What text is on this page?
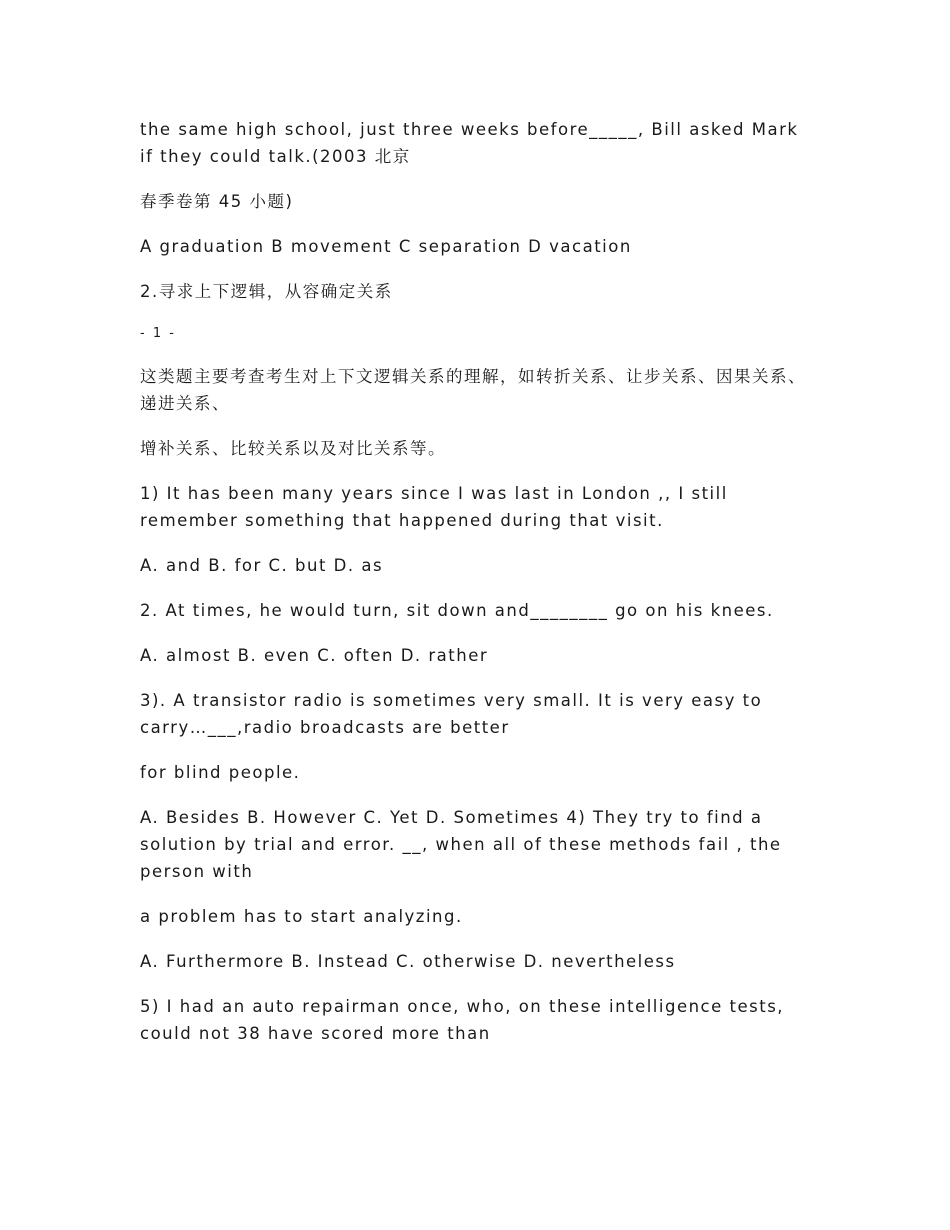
the same high school, just three weeks before_____, Bill asked Mark

if they could talk.(2003 北京

春季卷第 45 小题)

A graduation B movement C separation D vacation

2.寻求上下逻辑，从容确定关系

- 1 -

这类题主要考查考生对上下文逻辑关系的理解，如转折关系、让步关系、因果关系、

递进关系、

增补关系、比较关系以及对比关系等。

1) It has been many years since I was last in London ,, I still

remember something that happened during that visit.

A. and B. for C. but D. as

2. At times, he would turn, sit down and________ go on his knees.

A. almost B. even C. often D. rather

3). A transistor radio is sometimes very small. It is very easy to

carry…___,radio broadcasts are better

for blind people.

A. Besides B. However C. Yet D. Sometimes 4) They try to find a

solution by trial and error. __, when all of these methods fail , the

person with

a problem has to start analyzing.

A. Furthermore B. Instead C. otherwise D. nevertheless

5) I had an auto repairman once, who, on these intelligence tests,

could not 38 have scored more than
